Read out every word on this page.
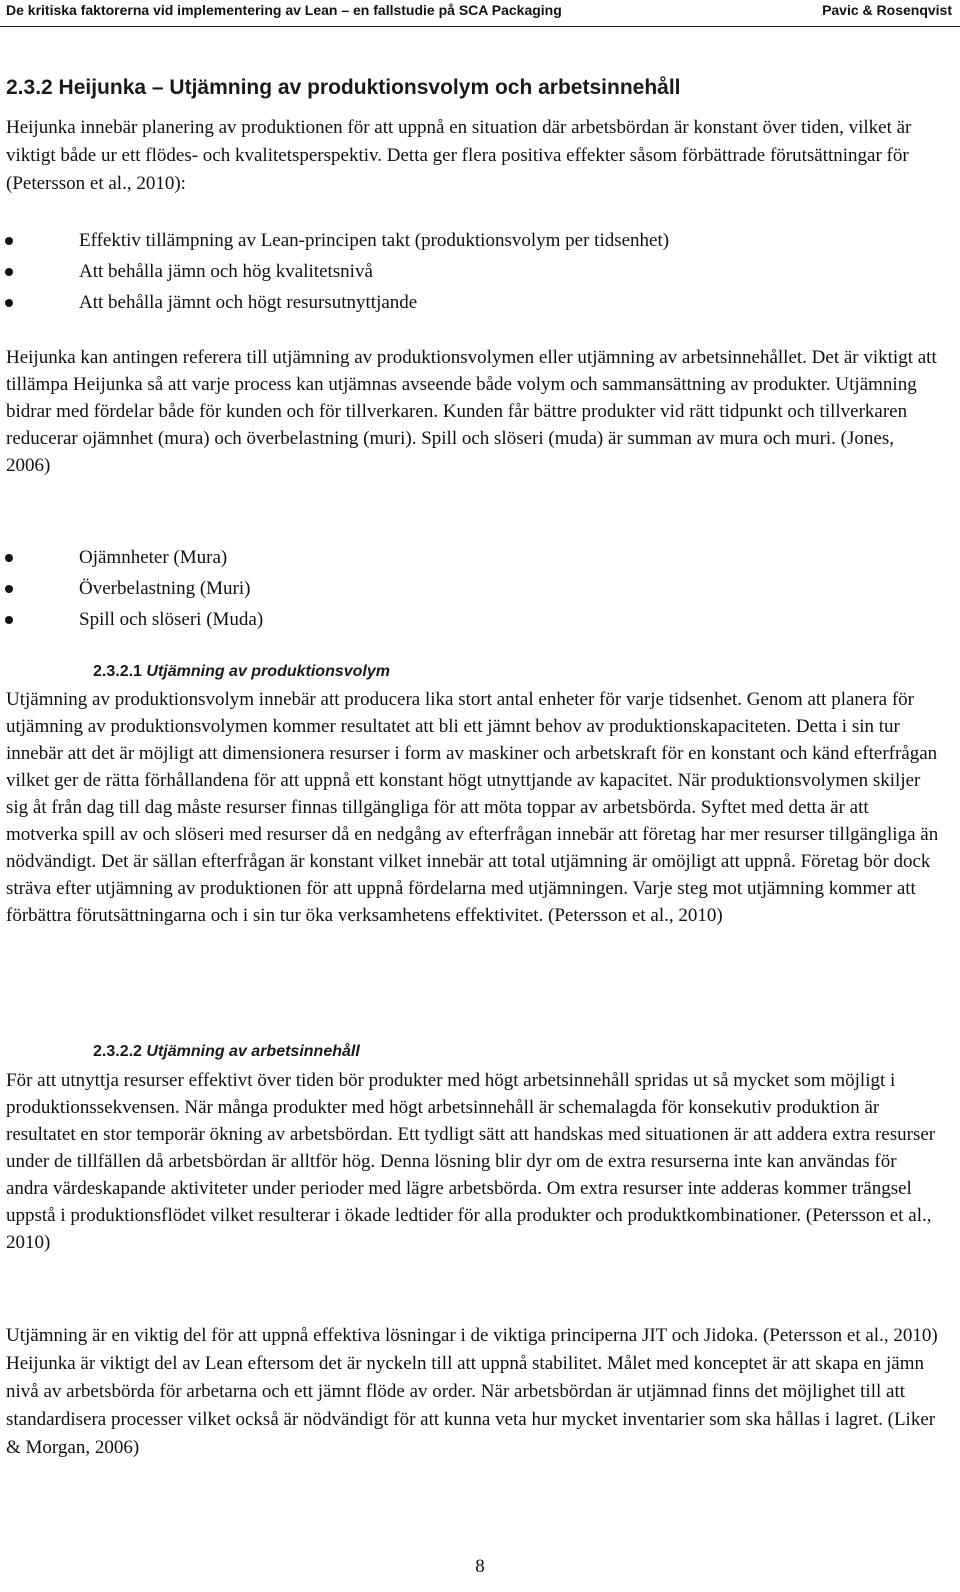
De kritiska faktorerna vid implementering av Lean – en fallstudie på SCA Packaging	Pavic & Rosenqvist
2.3.2 Heijunka – Utjämning av produktionsvolym och arbetsinnehåll

Heijunka innebär planering av produktionen för att uppnå en situation där arbetsbördan är konstant över tiden, vilket är viktigt både ur ett flödes- och kvalitetsperspektiv. Detta ger flera positiva effekter såsom förbättrade förutsättningar för (Petersson et al., 2010):

Effektiv tillämpning av Lean-principen takt (produktionsvolym per tidsenhet)
Att behålla jämn och hög kvalitetsnivå
Att behålla jämnt och högt resursutnyttjande

Heijunka kan antingen referera till utjämning av produktionsvolymen eller utjämning av arbetsinnehållet. Det är viktigt att tillämpa Heijunka så att varje process kan utjämnas avseende både volym och sammansättning av produkter. Utjämning bidrar med fördelar både för kunden och för tillverkaren. Kunden får bättre produkter vid rätt tidpunkt och tillverkaren reducerar ojämnhet (mura) och överbelastning (muri). Spill och slöseri (muda) är summan av mura och muri. (Jones, 2006)

Ojämnheter (Mura)
Överbelastning (Muri)
Spill och slöseri (Muda)
2.3.2.1 Utjämning av produktionsvolym

Utjämning av produktionsvolym innebär att producera lika stort antal enheter för varje tidsenhet. Genom att planera för utjämning av produktionsvolymen kommer resultatet att bli ett jämnt behov av produktionskapaciteten. Detta i sin tur innebär att det är möjligt att dimensionera resurser i form av maskiner och arbetskraft för en konstant och känd efterfrågan vilket ger de rätta förhållandena för att uppnå ett konstant högt utnyttjande av kapacitet. När produktionsvolymen skiljer sig åt från dag till dag måste resurser finnas tillgängliga för att möta toppar av arbetsbörda. Syftet med detta är att motverka spill av och slöseri med resurser då en nedgång av efterfrågan innebär att företag har mer resurser tillgängliga än nödvändigt. Det är sällan efterfrågan är konstant vilket innebär att total utjämning är omöjligt att uppnå. Företag bör dock sträva efter utjämning av produktionen för att uppnå fördelarna med utjämningen. Varje steg mot utjämning kommer att förbättra förutsättningarna och i sin tur öka verksamhetens effektivitet. (Petersson et al., 2010)

2.3.2.2 Utjämning av arbetsinnehåll

För att utnyttja resurser effektivt över tiden bör produkter med högt arbetsinnehåll spridas ut så mycket som möjligt i produktionssekvensen. När många produkter med högt arbetsinnehåll är schemalagda för konsekutiv produktion är resultatet en stor temporär ökning av arbetsbördan. Ett tydligt sätt att handskas med situationen är att addera extra resurser under de tillfällen då arbetsbördan är alltför hög. Denna lösning blir dyr om de extra resurserna inte kan användas för andra värdeskapande aktiviteter under perioder med lägre arbetsbörda. Om extra resurser inte adderas kommer trängsel uppstå i produktionsflödet vilket resulterar i ökade ledtider för alla produkter och produktkombinationer. (Petersson et al., 2010)

Utjämning är en viktig del för att uppnå effektiva lösningar i de viktiga principerna JIT och Jidoka. (Petersson et al., 2010) Heijunka är viktigt del av Lean eftersom det är nyckeln till att uppnå stabilitet. Målet med konceptet är att skapa en jämn nivå av arbetsbörda för arbetarna och ett jämnt flöde av order. När arbetsbördan är utjämnad finns det möjlighet till att standardisera processer vilket också är nödvändigt för att kunna veta hur mycket inventarier som ska hållas i lagret. (Liker & Morgan, 2006)

8
